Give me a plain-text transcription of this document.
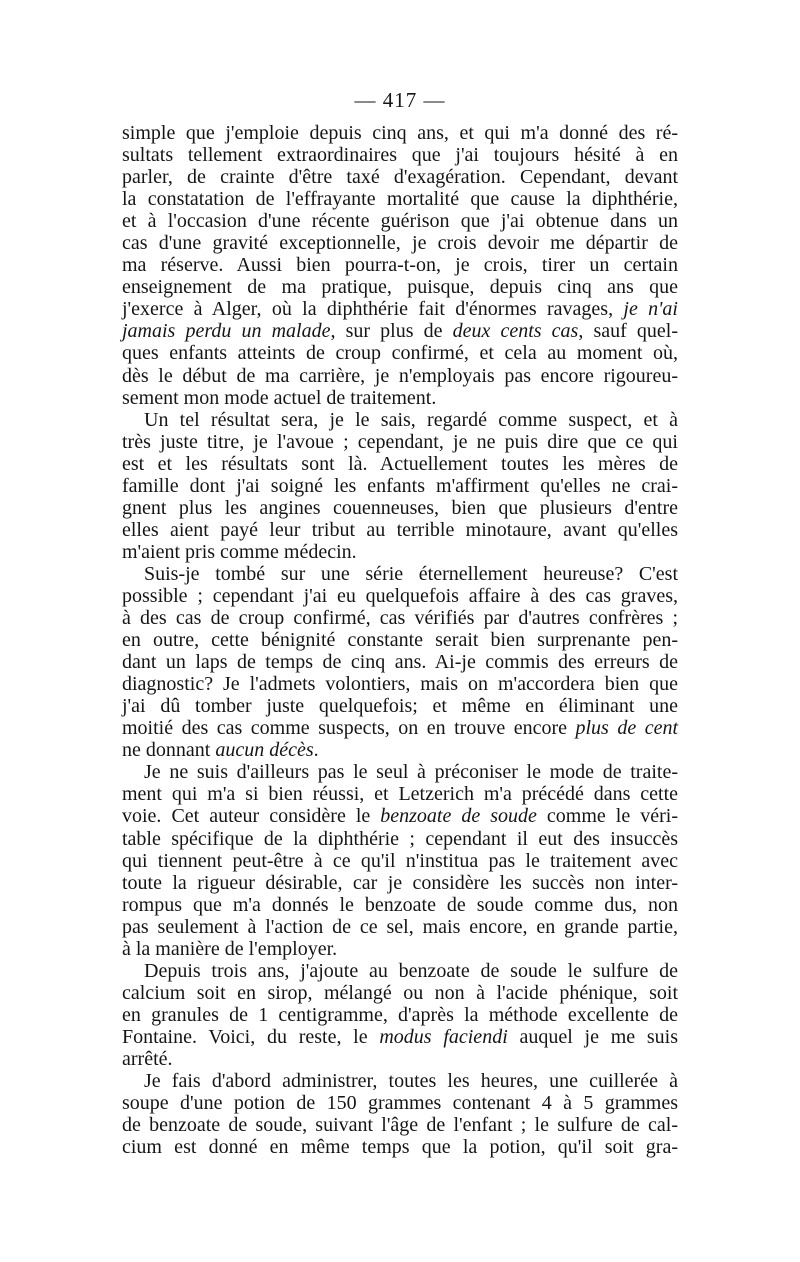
— 417 —
simple que j'emploie depuis cinq ans, et qui m'a donné des ré-
sultats tellement extraordinaires que j'ai toujours hésité à en
parler, de crainte d'être taxé d'exagération. Cependant, devant
la constatation de l'effrayante mortalité que cause la diphthérie,
et à l'occasion d'une récente guérison que j'ai obtenue dans un
cas d'une gravité exceptionnelle, je crois devoir me départir de
ma réserve. Aussi bien pourra-t-on, je crois, tirer un certain
enseignement de ma pratique, puisque, depuis cinq ans que
j'exerce à Alger, où la diphthérie fait d'énormes ravages, je n'ai
jamais perdu un malade, sur plus de deux cents cas, sauf quel-
ques enfants atteints de croup confirmé, et cela au moment où,
dès le début de ma carrière, je n'employais pas encore rigoureu-
sement mon mode actuel de traitement.
Un tel résultat sera, je le sais, regardé comme suspect, et à
très juste titre, je l'avoue ; cependant, je ne puis dire que ce qui
est et les résultats sont là. Actuellement toutes les mères de
famille dont j'ai soigné les enfants m'affirment qu'elles ne crai-
gnent plus les angines couenneuses, bien que plusieurs d'entre
elles aient payé leur tribut au terrible minotaure, avant qu'elles
m'aient pris comme médecin.
Suis-je tombé sur une série éternellement heureuse? C'est
possible ; cependant j'ai eu quelquefois affaire à des cas graves,
à des cas de croup confirmé, cas vérifiés par d'autres confrères ;
en outre, cette bénignité constante serait bien surprenante pen-
dant un laps de temps de cinq ans. Ai-je commis des erreurs de
diagnostic? Je l'admets volontiers, mais on m'accordera bien que
j'ai dû tomber juste quelquefois; et même en éliminant une
moitié des cas comme suspects, on en trouve encore plus de cent
ne donnant aucun décès.
Je ne suis d'ailleurs pas le seul à préconiser le mode de traite-
ment qui m'a si bien réussi, et Letzerich m'a précédé dans cette
voie. Cet auteur considère le benzoate de soude comme le véri-
table spécifique de la diphthérie ; cependant il eut des insuccès
qui tiennent peut-être à ce qu'il n'institua pas le traitement avec
toute la rigueur désirable, car je considère les succès non inter-
rompus que m'a donnés le benzoate de soude comme dus, non
pas seulement à l'action de ce sel, mais encore, en grande partie,
à la manière de l'employer.
Depuis trois ans, j'ajoute au benzoate de soude le sulfure de
calcium soit en sirop, mélangé ou non à l'acide phénique, soit
en granules de 1 centigramme, d'après la méthode excellente de
Fontaine. Voici, du reste, le modus faciendi auquel je me suis
arrêté.
Je fais d'abord administrer, toutes les heures, une cuillerée à
soupe d'une potion de 150 grammes contenant 4 à 5 grammes
de benzoate de soude, suivant l'âge de l'enfant ; le sulfure de cal-
cium est donné en même temps que la potion, qu'il soit gra-
